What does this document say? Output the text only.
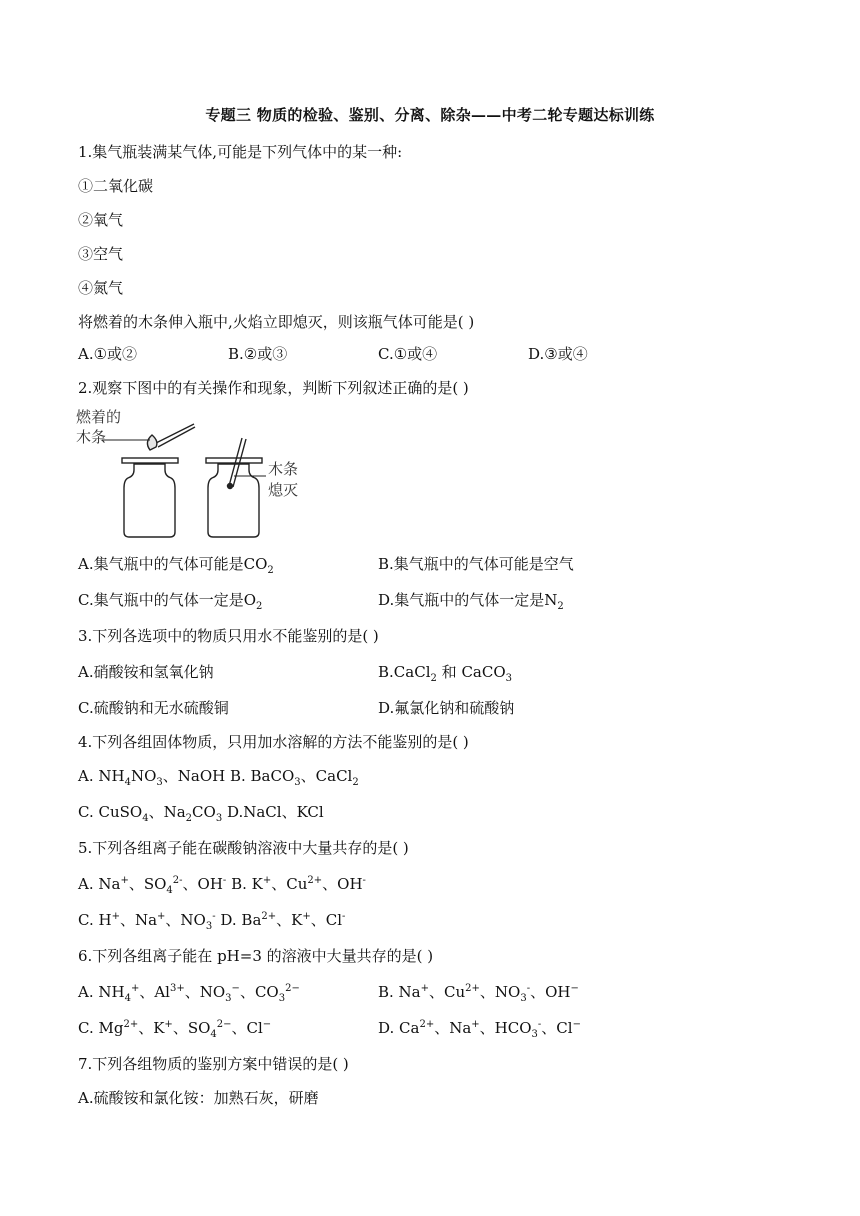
专题三 物质的检验、鉴别、分离、除杂——中考二轮专题达标训练
1.集气瓶装满某气体,可能是下列气体中的某一种:
①二氧化碳
②氧气
③空气
④氮气
将燃着的木条伸入瓶中,火焰立即熄灭，则该瓶气体可能是( )
A.①或②	B.②或③	C.①或④	D.③或④
2.观察下图中的有关操作和现象，判断下列叙述正确的是( )
燃着的
木条
木条
熄灭
A.集气瓶中的气体可能是$CO_2$	B.集气瓶中的气体可能是空气
C.集气瓶中的气体一定是$O_2$	D.集气瓶中的气体一定是$N_2$
3.下列各选项中的物质只用水不能鉴别的是( )
A.硝酸铵和氢氧化钠	B.CaCl$_2$ 和 CaCO$_3$
C.硫酸钠和无水硫酸铜	D.氟氯化钠和硫酸钠
4.下列各组固体物质，只用加水溶解的方法不能鉴别的是( )
A. $NH_4NO_3$、NaOH B. BaCO$_3$、CaCl$_2$
C. CuSO$_4$、$Na_2CO_3$ D.NaCl、KCl
5.下列各组离子能在碳酸钠溶液中大量共存的是( )
A. Na+、$SO_4^{2-}$、OH- B. K+、$Cu^{2+}$、OH-
C. H+、Na+、$NO_3^-$ D. $Ba^{2+}$、K+、Cl-
6.下列各组离子能在 pH=3 的溶液中大量共存的是( )
A. $NH_4^+$、$Al^{3+}$、$NO_3^-$、$CO_3^{2-}$	B. Na+、$Cu^{2+}$、$NO_3^-$、OH−
C. $Mg^{2+}$、K+、$SO_4^{2-}$、Cl−	D. $Ca^{2+}$、Na+、$HCO_3^-$、Cl−
7.下列各组物质的鉴别方案中错误的是( )
A.硫酸铵和氯化铵：加熟石灰，研磨
